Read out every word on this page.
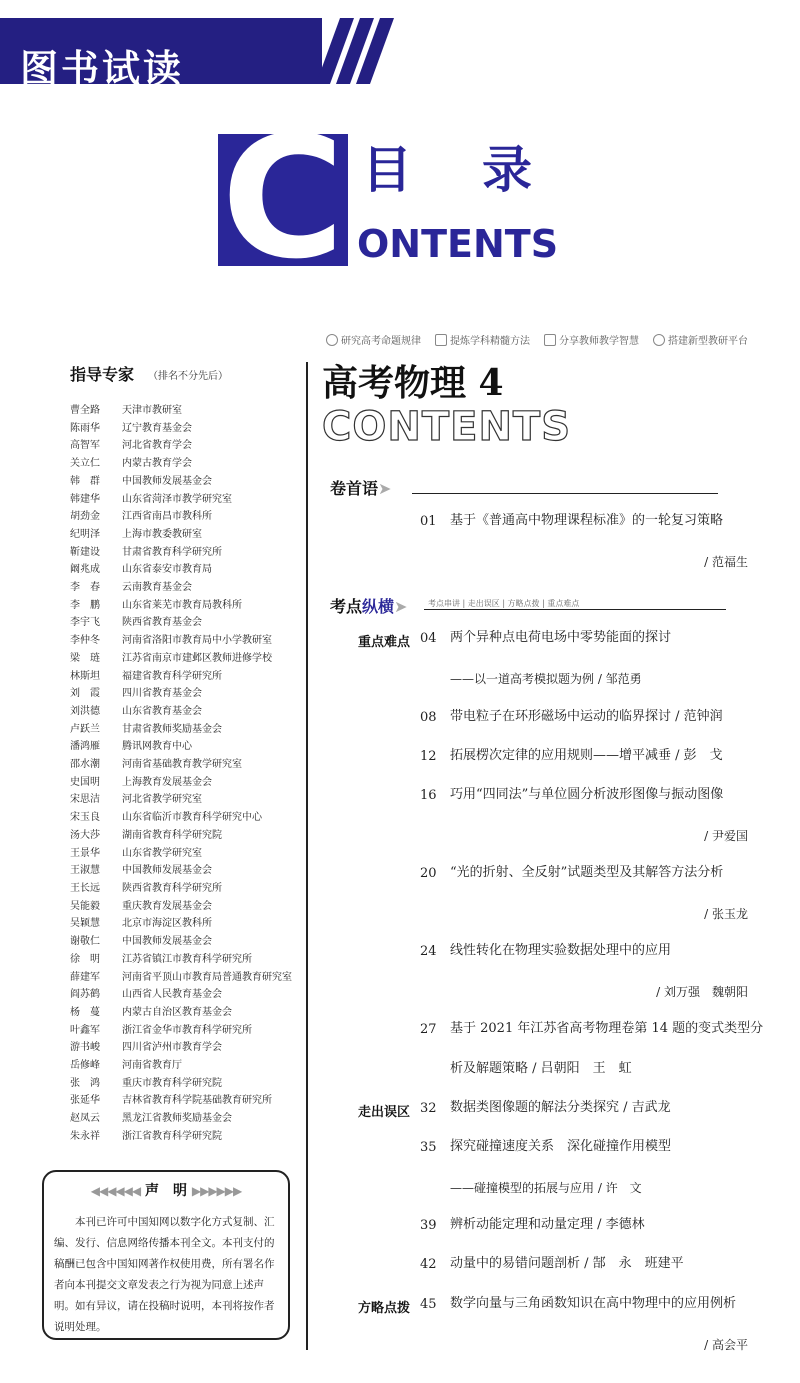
图书试读
C 目录
ONTENTS
研究高考命题规律	提炼学科精髓方法	分享教师教学智慧	搭建新型教研平台
指导专家 （排名不分先后）
曹全路	天津市教研室
陈雨华	辽宁教育基金会
高智军	河北省教育学会
关立仁	内蒙古教育学会
韩　群	中国教师发展基金会
韩建华	山东省菏泽市教学研究室
胡劲金	江西省南昌市教科所
纪明泽	上海市教委教研室
靳建设	甘肃省教育科学研究所
阚兆成	山东省泰安市教育局
李　春	云南教育基金会
李　鹏	山东省莱芜市教育局教科所
李宇飞	陕西省教育基金会
李仲冬	河南省洛阳市教育局中小学教研室
梁　琏	江苏省南京市建邺区教师进修学校
林斯坦	福建省教育科学研究所
刘　霞	四川省教育基金会
刘洪德	山东省教育基金会
卢跃兰	甘肃省教师奖励基金会
潘鸿雁	腾讯网教育中心
邵水潮	河南省基础教育教学研究室
史国明	上海教育发展基金会
宋思洁	河北省教学研究室
宋玉良	山东省临沂市教育科学研究中心
汤大莎	湖南省教育科学研究院
王景华	山东省教学研究室
王淑慧	中国教师发展基金会
王长远	陕西省教育科学研究所
吴能毅	重庆教育发展基金会
吴颖慧	北京市海淀区教科所
谢敬仁	中国教师发展基金会
徐　明	江苏省镇江市教育科学研究所
薛建军	河南省平顶山市教育局普通教育研究室
阎苏鹤	山西省人民教育基金会
杨　蔓	内蒙古自治区教育基金会
叶鑫军	浙江省金华市教育科学研究所
游书峻	四川省泸州市教育学会
岳修峰	河南省教育厅
张　鸿	重庆市教育科学研究院
张延华	吉林省教育科学院基础教育研究所
赵凤云	黑龙江省教师奖励基金会
朱永祥	浙江省教育科学研究院
◀◀◀◀◀◀ 声　明 ▶▶▶▶▶▶
本刊已许可中国知网以数字化方式复制、汇编、发行、信息网络传播本刊全文。本刊支付的稿酬已包含中国知网著作权使用费，所有署名作者向本刊提交文章发表之行为视为同意上述声明。如有异议，请在投稿时说明，本刊将按作者说明处理。
高考物理 4
CONTENTS
卷首语➤
01 基于《普通高中物理课程标准》的一轮复习策略
/ 范福生
考点纵横➤	考点串讲 | 走出误区 | 方略点拨 | 重点难点
重点难点 04 两个异种点电荷电场中零势能面的探讨
——以一道高考模拟题为例 / 邹范勇
08 带电粒子在环形磁场中运动的临界探讨 / 范钟润
12 拓展楞次定律的应用规则——增平减垂 / 彭　戈
16 巧用“四同法”与单位圆分析波形图像与振动图像
/ 尹爱国
20 “光的折射、全反射”试题类型及其解答方法分析
/ 张玉龙
24 线性转化在物理实验数据处理中的应用
/ 刘万强　魏朝阳
27 基于 2021 年江苏省高考物理卷第 14 题的变式类型分
析及解题策略 / 吕朝阳　王　虹
走出误区 32 数据类图像题的解法分类探究 / 吉武龙
35 探究碰撞速度关系　深化碰撞作用模型
——碰撞模型的拓展与应用 / 许　文
39 辨析动能定理和动量定理 / 李德林
42 动量中的易错问题剖析 / 郜　永　班建平
方略点拨 45 数学向量与三角函数知识在高中物理中的应用例析
/ 高会平
